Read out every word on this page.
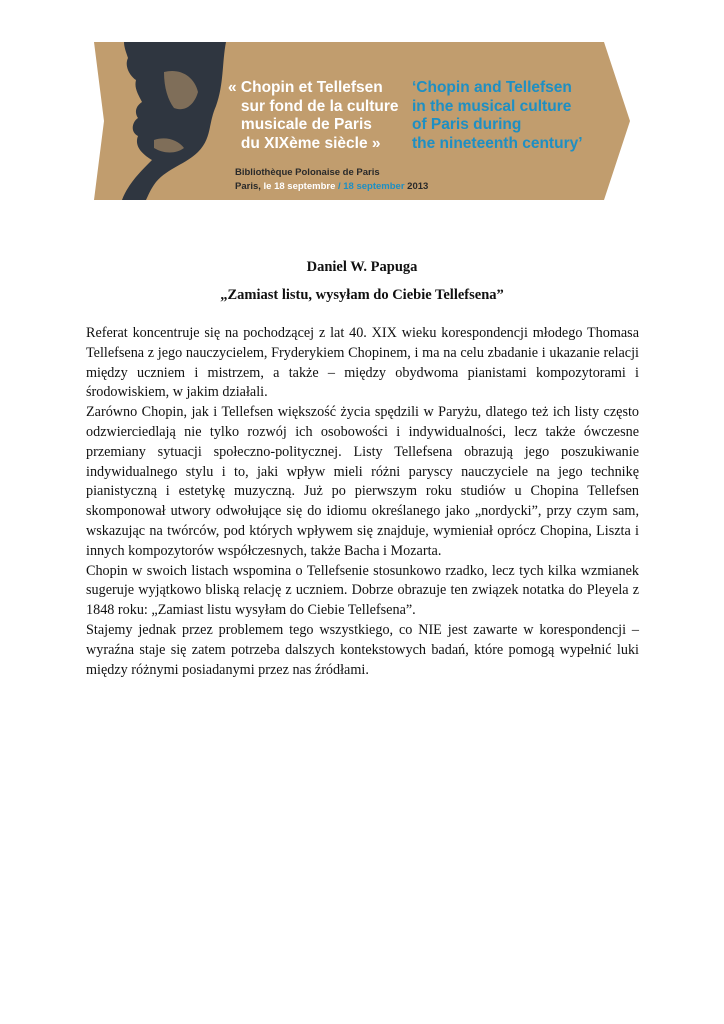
« Chopin et Tellefsen
sur fond de la culture
musicale de Paris
du XIXème siècle »
‘Chopin and Tellefsen
in the musical culture
of Paris during
the nineteenth century’
Bibliothèque Polonaise de Paris
Paris, le 18 septembre / 18 september 2013
Daniel W. Papuga
„Zamiast listu, wysyłam do Ciebie Tellefsena”

Referat koncentruje się na pochodzącej z lat 40. XIX wieku korespondencji młodego Thomasa Tellefsena z jego nauczycielem, Fryderykiem Chopinem, i ma na celu zbadanie i ukazanie relacji między uczniem i mistrzem, a także – między obydwoma pianistami kompozytorami i środowiskiem, w jakim działali.

Zarówno Chopin, jak i Tellefsen większość życia spędzili w Paryżu, dlatego też ich listy często odzwierciedlają nie tylko rozwój ich osobowości i indywidualności, lecz także ówczesne przemiany sytuacji społeczno-politycznej. Listy Tellefsena obrazują jego poszukiwanie indywidualnego stylu i to, jaki wpływ mieli różni paryscy nauczyciele na jego technikę pianistyczną i estetykę muzyczną. Już po pierwszym roku studiów u Chopina Tellefsen skomponował utwory odwołujące się do idiomu określanego jako „nordycki”, przy czym sam, wskazując na twórców, pod których wpływem się znajduje, wymieniał oprócz Chopina, Liszta i innych kompozytorów współczesnych, także Bacha i Mozarta.

Chopin w swoich listach wspomina o Tellefsenie stosunkowo rzadko, lecz tych kilka wzmianek sugeruje wyjątkowo bliską relację z uczniem. Dobrze obrazuje ten związek notatka do Pleyela z 1848 roku: „Zamiast listu wysyłam do Ciebie Tellefsena”.

Stajemy jednak przez problemem tego wszystkiego, co NIE jest zawarte w korespondencji – wyraźna staje się zatem potrzeba dalszych kontekstowych badań, które pomogą wypełnić luki między różnymi posiadanymi przez nas źródłami.
